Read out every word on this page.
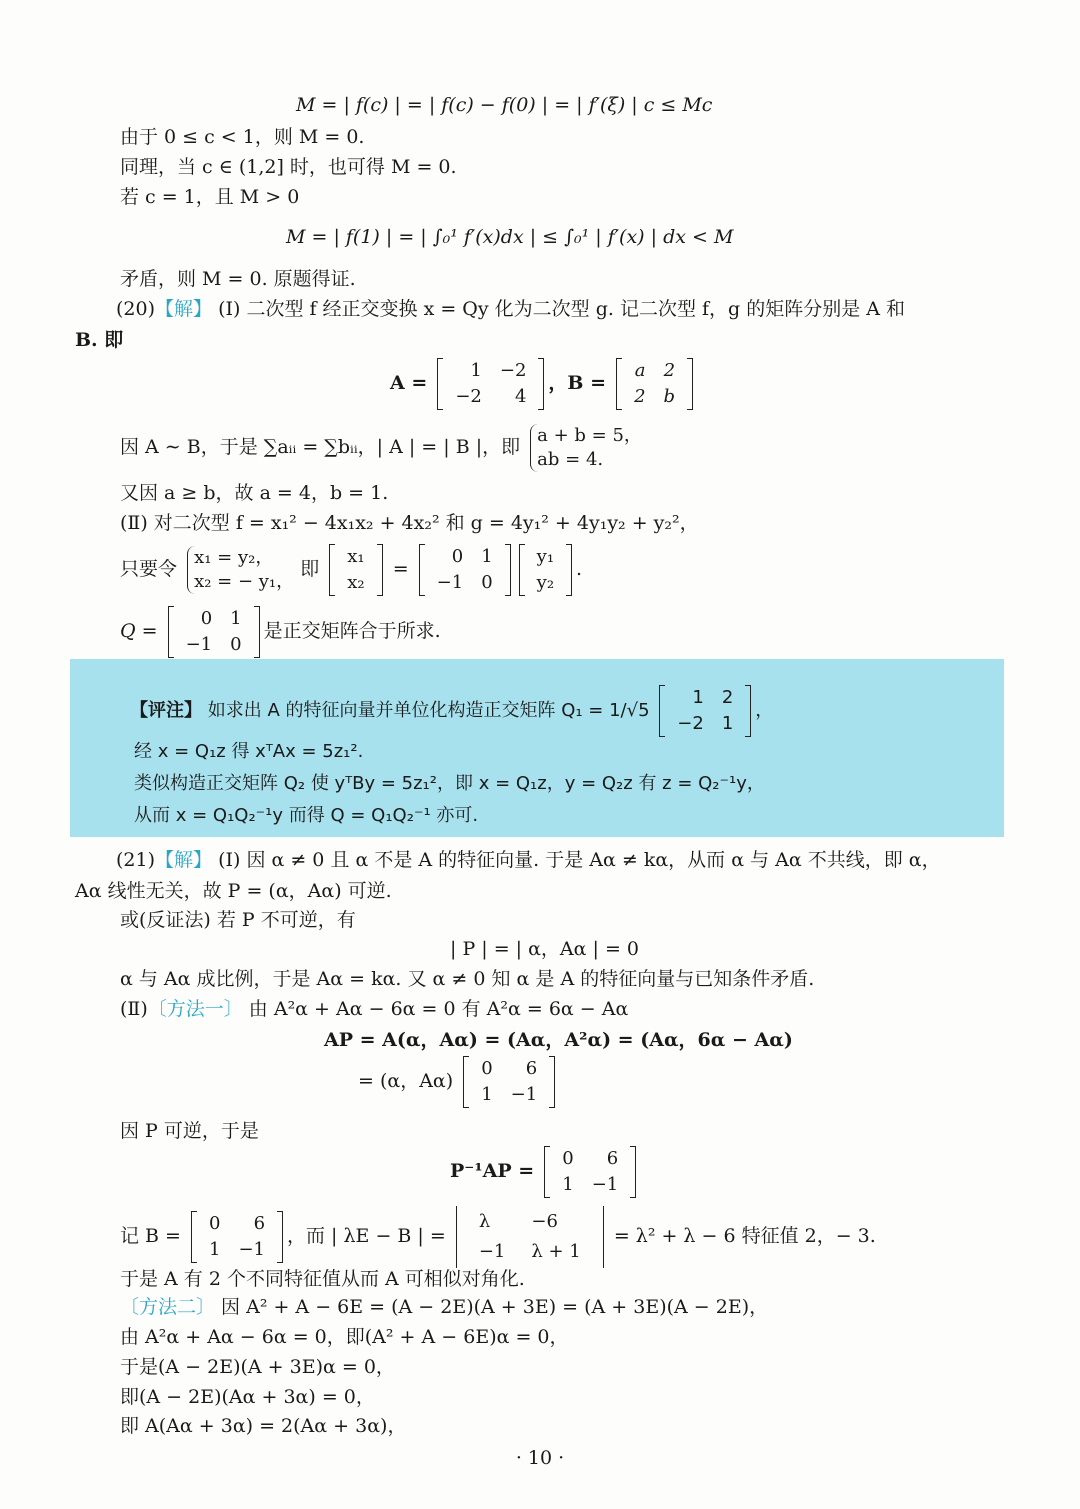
M = | f(c) | = | f(c) − f(0) | = | f′(ξ) | c ≤ Mc
由于 0 ≤ c < 1，则 M = 0.
同理，当 c ∈ (1,2] 时，也可得 M = 0.
若 c = 1，且 M > 0
M = | f(1) | = | ∫₀¹ f′(x)dx | ≤ ∫₀¹ | f′(x) | dx < M
矛盾，则 M = 0. 原题得证.
(20)【解】 (Ⅰ) 二次型 f 经正交变换 x = Qy 化为二次型 g. 记二次型 f，g 的矩阵分别是 A 和
B. 即
A =
1	−2
−2	4
，B =
a	2
2	b
因 A ∼ B，于是 ∑aᵢᵢ = ∑bᵢᵢ，| A | = | B |，即
a + b = 5，
ab = 4.
又因 a ≥ b，故 a = 4，b = 1.
(Ⅱ) 对二次型 f = x₁² − 4x₁x₂ + 4x₂² 和 g = 4y₁² + 4y₁y₂ + y₂²，
只要令
x₁ = y₂，
x₂ = − y₁，
即
x₁
x₂
=
0	1
−1	0
y₁
y₂
.
Q =
0	1
−1	0
是正交矩阵合于所求.
【评注】 如求出 A 的特征向量并单位化构造正交矩阵 Q₁ = 1/√5
1	2
−2	1
，
经 x = Q₁z 得 xᵀAx = 5z₁².
类似构造正交矩阵 Q₂ 使 yᵀBy = 5z₁²，即 x = Q₁z，y = Q₂z 有 z = Q₂⁻¹y，
从而 x = Q₁Q₂⁻¹y 而得 Q = Q₁Q₂⁻¹ 亦可.
(21)【解】 (Ⅰ) 因 α ≠ 0 且 α 不是 A 的特征向量. 于是 Aα ≠ kα，从而 α 与 Aα 不共线，即 α，
Aα 线性无关，故 P = (α，Aα) 可逆.
或(反证法) 若 P 不可逆，有
| P | = | α，Aα | = 0
α 与 Aα 成比例，于是 Aα = kα. 又 α ≠ 0 知 α 是 A 的特征向量与已知条件矛盾.
(Ⅱ)〔方法一〕 由 A²α + Aα − 6α = 0 有 A²α = 6α − Aα
AP = A(α，Aα) = (Aα，A²α) = (Aα，6α − Aα)
= (α，Aα)
0	6
1	−1
因 P 可逆，于是
P⁻¹AP =
0	6
1	−1
记 B =
0	6
1	−1
，而 | λE − B | =
λ	−6
−1	λ + 1
= λ² + λ − 6 特征值 2，− 3.
于是 A 有 2 个不同特征值从而 A 可相似对角化.
〔方法二〕 因 A² + A − 6E = (A − 2E)(A + 3E) = (A + 3E)(A − 2E)，
由 A²α + Aα − 6α = 0，即(A² + A − 6E)α = 0，
于是(A − 2E)(A + 3E)α = 0，
即(A − 2E)(Aα + 3α) = 0，
即 A(Aα + 3α) = 2(Aα + 3α)，
· 10 ·
